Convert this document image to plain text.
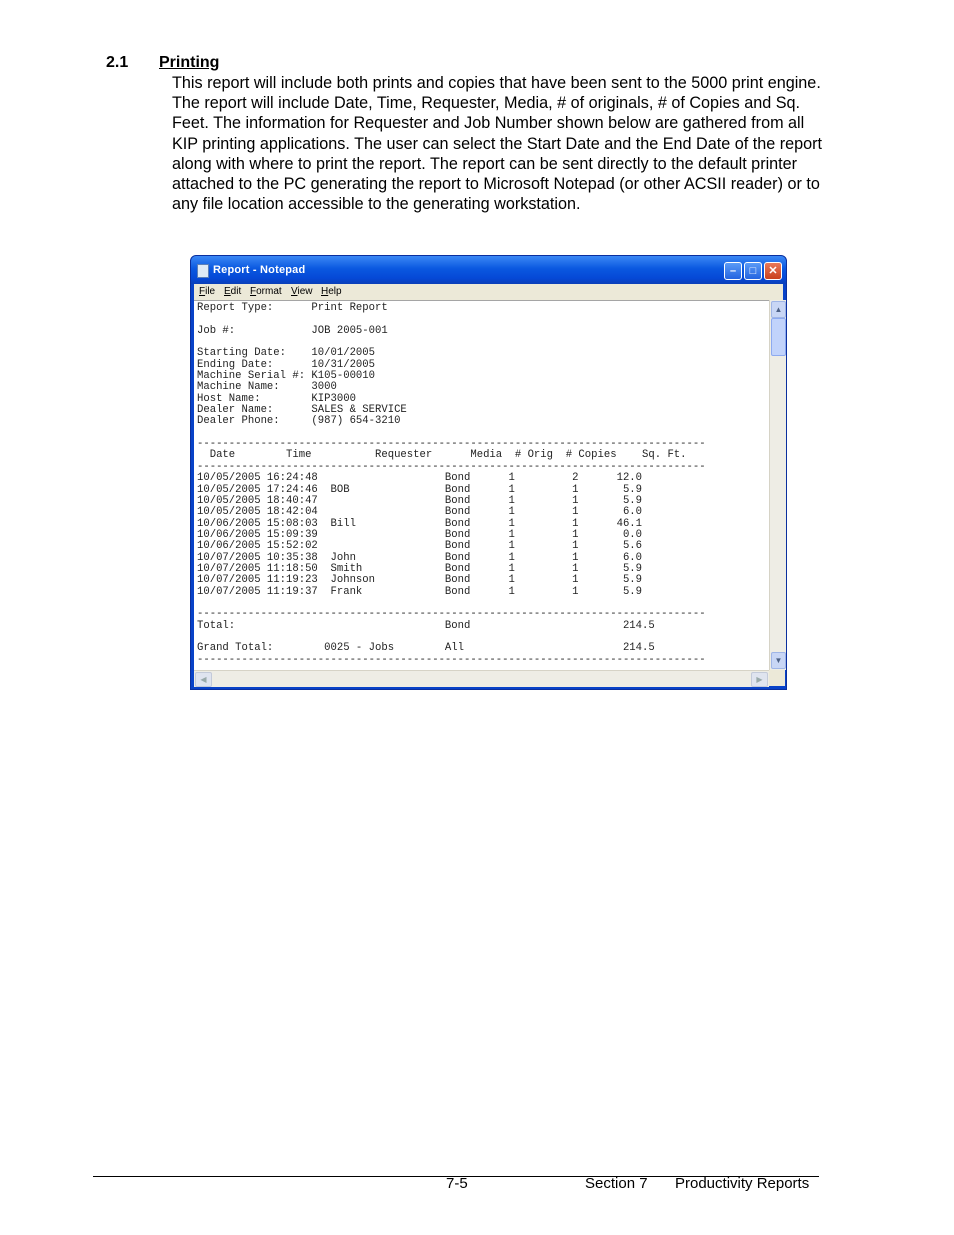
2.1 Printing
This report will include both prints and copies that have been sent to the 5000 print engine. The report will include Date, Time, Requester, Media, # of originals, # of Copies and Sq. Feet. The information for Requester and Job Number shown below are gathered from all KIP printing applications. The user can select the Start Date and the End Date of the report along with where to print the report. The report can be sent directly to the default printer attached to the PC generating the report to Microsoft Notepad (or other ACSII reader) or to any file location accessible to the generating workstation.
Report - Notepad	–	□	✕
File Edit Format View Help
Report Type:      Print Report

Job #:            JOB 2005-001

Starting Date:    10/01/2005
Ending Date:      10/31/2005
Machine Serial #: K105-00010
Machine Name:     3000
Host Name:        KIP3000
Dealer Name:      SALES & SERVICE
Dealer Phone:     (987) 654-3210

--------------------------------------------------------------------------------
Date        Time          Requester      Media  # Orig  # Copies    Sq. Ft.
--------------------------------------------------------------------------------
10/05/2005 16:24:48                    Bond      1         2      12.0
10/05/2005 17:24:46  BOB               Bond      1         1       5.9
10/05/2005 18:40:47                    Bond      1         1       5.9
10/05/2005 18:42:04                    Bond      1         1       6.0
10/06/2005 15:08:03  Bill              Bond      1         1      46.1
10/06/2005 15:09:39                    Bond      1         1       0.0
10/06/2005 15:52:02                    Bond      1         1       5.6
10/07/2005 10:35:38  John              Bond      1         1       6.0
10/07/2005 11:18:50  Smith             Bond      1         1       5.9
10/07/2005 11:19:23  Johnson           Bond      1         1       5.9
10/07/2005 11:19:37  Frank             Bond      1         1       5.9

--------------------------------------------------------------------------------
Total:                                 Bond                        214.5

Grand Total:        0025 - Jobs        All                         214.5
--------------------------------------------------------------------------------
▲
▼
◀	▶
7-5	Section 7 Productivity Reports
